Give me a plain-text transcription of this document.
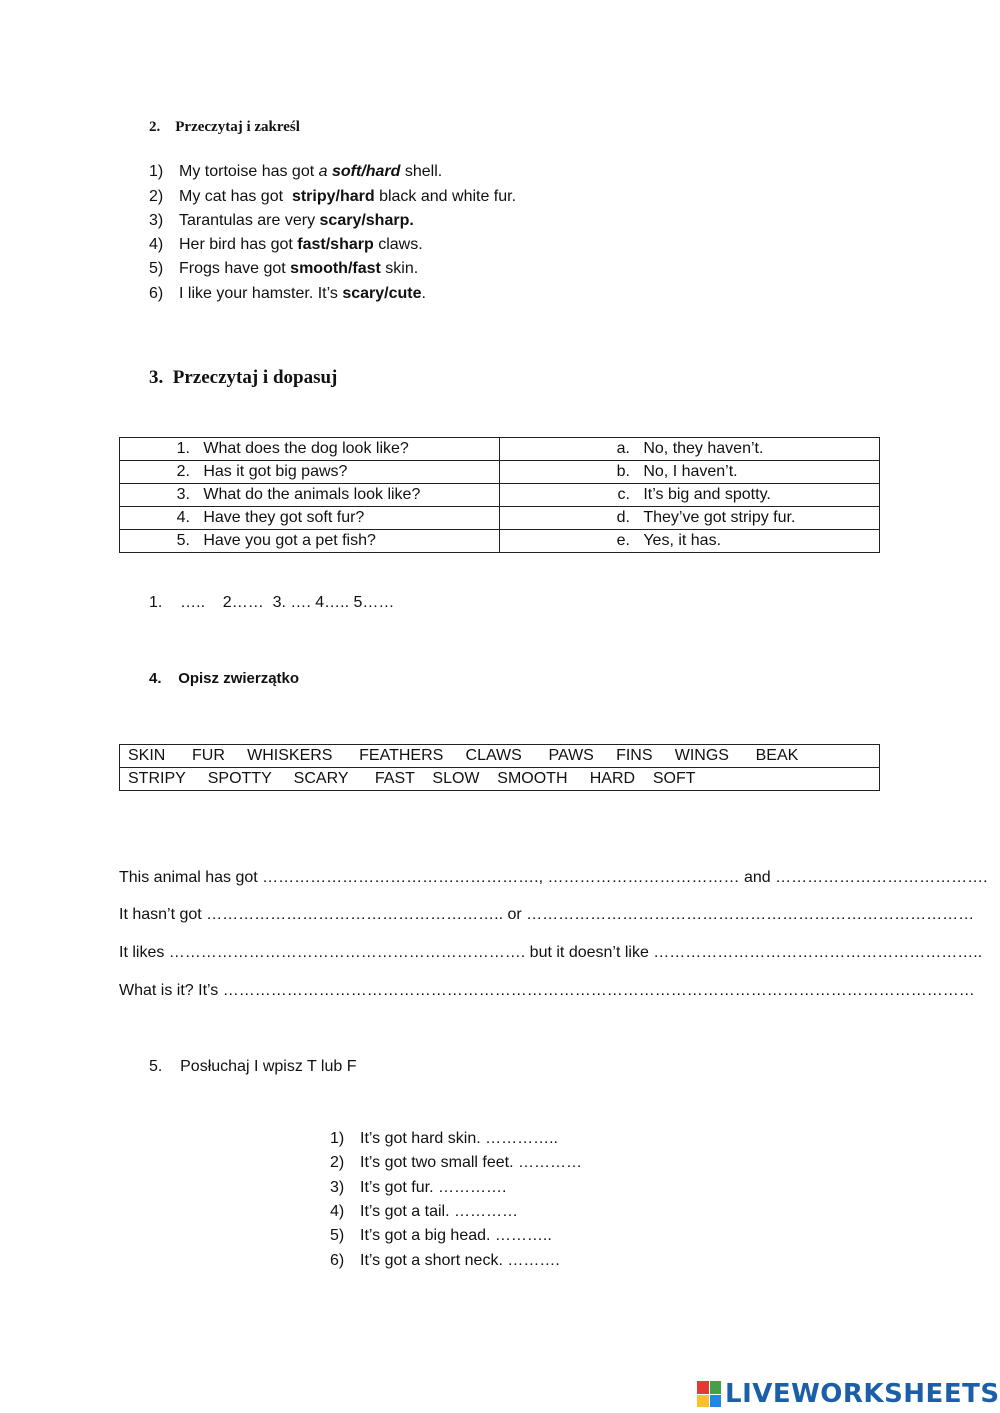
2. Przeczytaj i zakreśl
1) My tortoise has got a soft/hard shell.
2) My cat has got  stripy/hard black and white fur.
3) Tarantulas are very scary/sharp.
4) Her bird has got fast/sharp claws.
5) Frogs have got smooth/fast skin.
6) I like your hamster. It’s scary/cute.
3. Przeczytaj i dopasuj
1. What does the dog look like?	a. No, they haven’t.
2. Has it got big paws?	b. No, I haven’t.
3. What do the animals look like?	c. It’s big and spotty.
4. Have they got soft fur?	d. They’ve got stripy fur.
5. Have you got a pet fish?	e. Yes, it has.
1.    …..    2……  3. …. 4….. 5……
4. Opisz zwierzątko
SKIN      FUR     WHISKERS      FEATHERS     CLAWS      PAWS     FINS     WINGS      BEAK
STRIPY     SPOTTY     SCARY      FAST    SLOW    SMOOTH     HARD    SOFT
This animal has got ……………………………………………., ……………………………… and ………………………………….
It hasn’t got ……………………………………………….. or …………………………………………………………………………
It likes …………………………………………………………. but it doesn’t like ……………………………………………………..
What is it? It’s ……………………………………………………………………………………………………………………………
5. Posłuchaj I wpisz T lub F
1) It’s got hard skin. …………..
2) It’s got two small feet. …………
3) It’s got fur. ………….
4) It’s got a tail. …………
5) It’s got a big head. ………..
6) It’s got a short neck. ……….
LIVEWORKSHEETS
